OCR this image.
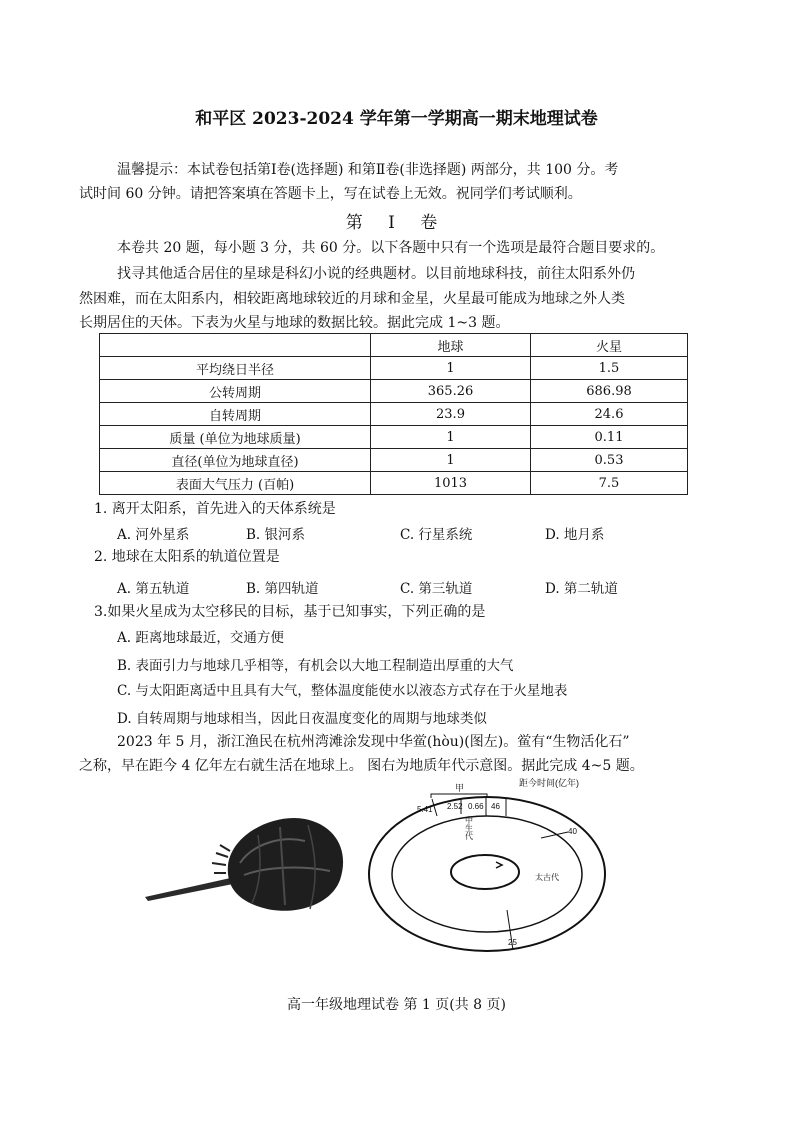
和平区 2023-2024 学年第一学期高一期末地理试卷
温馨提示：本试卷包括第Ⅰ卷(选择题) 和第Ⅱ卷(非选择题) 两部分，共 100 分。考
试时间 60 分钟。请把答案填在答题卡上，写在试卷上无效。祝同学们考试顺利。
第 Ⅰ 卷
本卷共 20 题，每小题 3 分，共 60 分。以下各题中只有一个选项是最符合题目要求的。
找寻其他适合居住的星球是科幻小说的经典题材。以目前地球科技，前往太阳系外仍
然困难，而在太阳系内，相较距离地球较近的月球和金星，火星最可能成为地球之外人类
长期居住的天体。下表为火星与地球的数据比较。据此完成 1~3 题。
	地球	火星
平均绕日半径	1	1.5
公转周期	365.26	686.98
自转周期	23.9	24.6
质量 (单位为地球质量)	1	0.11
直径(单位为地球直径)	1	0.53
表面大气压力 (百帕)	1013	7.5
1. 离开太阳系，首先进入的天体系统是
A. 河外星系	B. 银河系	C. 行星系统	D. 地月系
2. 地球在太阳系的轨道位置是
A. 第五轨道	B. 第四轨道	C. 第三轨道	D. 第二轨道
3.如果火星成为太空移民的目标，基于已知事实，下列正确的是
A. 距离地球最近，交通方便
B. 表面引力与地球几乎相等，有机会以大地工程制造出厚重的大气
C. 与太阳距离适中且具有大气，整体温度能使水以液态方式存在于火星地表
D. 自转周期与地球相当，因此日夜温度变化的周期与地球类似
2023 年 5 月，浙江渔民在杭州湾滩涂发现中华鲎(hòu)(图左)。鲎有“生物活化石”
之称，早在距今 4 亿年左右就生活在地球上。 图右为地质年代示意图。据此完成 4~5 题。
距今时间(亿年)
甲
5.41 2.52 0.66 46
40
25
中生代
太古代
高一年级地理试卷 第 1 页(共 8 页)
